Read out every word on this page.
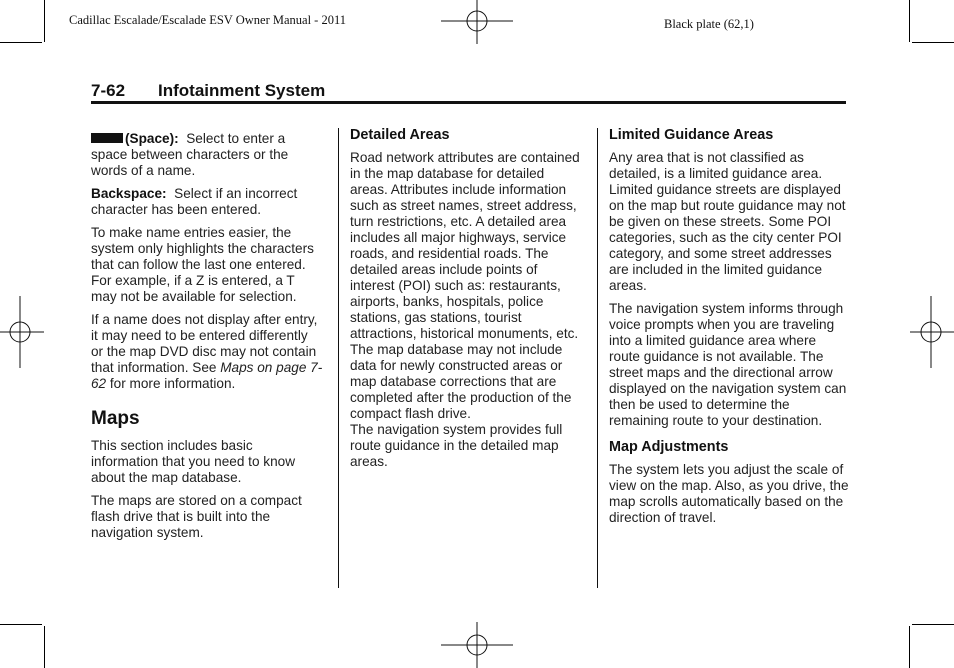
Cadillac Escalade/Escalade ESV Owner Manual - 2011	Black plate (62,1)
7-62 Infotainment System

(Space): Select to enter a space between characters or the words of a name.

Backspace: Select if an incorrect character has been entered.

To make name entries easier, the system only highlights the characters that can follow the last one entered. For example, if a Z is entered, a T may not be available for selection.

If a name does not display after entry, it may need to be entered differently or the map DVD disc may not contain that information. See Maps on page 7-62 for more information.

Maps

This section includes basic information that you need to know about the map database.

The maps are stored on a compact flash drive that is built into the navigation system.

Detailed Areas

Road network attributes are contained in the map database for detailed areas. Attributes include information such as street names, street address, turn restrictions, etc. A detailed area includes all major highways, service roads, and residential roads. The detailed areas include points of interest (POI) such as: restaurants, airports, banks, hospitals, police stations, gas stations, tourist attractions, historical monuments, etc. The map database may not include data for newly constructed areas or map database corrections that are completed after the production of the compact flash drive.

The navigation system provides full route guidance in the detailed map areas.

Limited Guidance Areas

Any area that is not classified as detailed, is a limited guidance area. Limited guidance streets are displayed on the map but route guidance may not be given on these streets. Some POI categories, such as the city center POI category, and some street addresses are included in the limited guidance areas.

The navigation system informs through voice prompts when you are traveling into a limited guidance area where route guidance is not available. The street maps and the directional arrow displayed on the navigation system can then be used to determine the remaining route to your destination.

Map Adjustments

The system lets you adjust the scale of view on the map. Also, as you drive, the map scrolls automatically based on the direction of travel.
